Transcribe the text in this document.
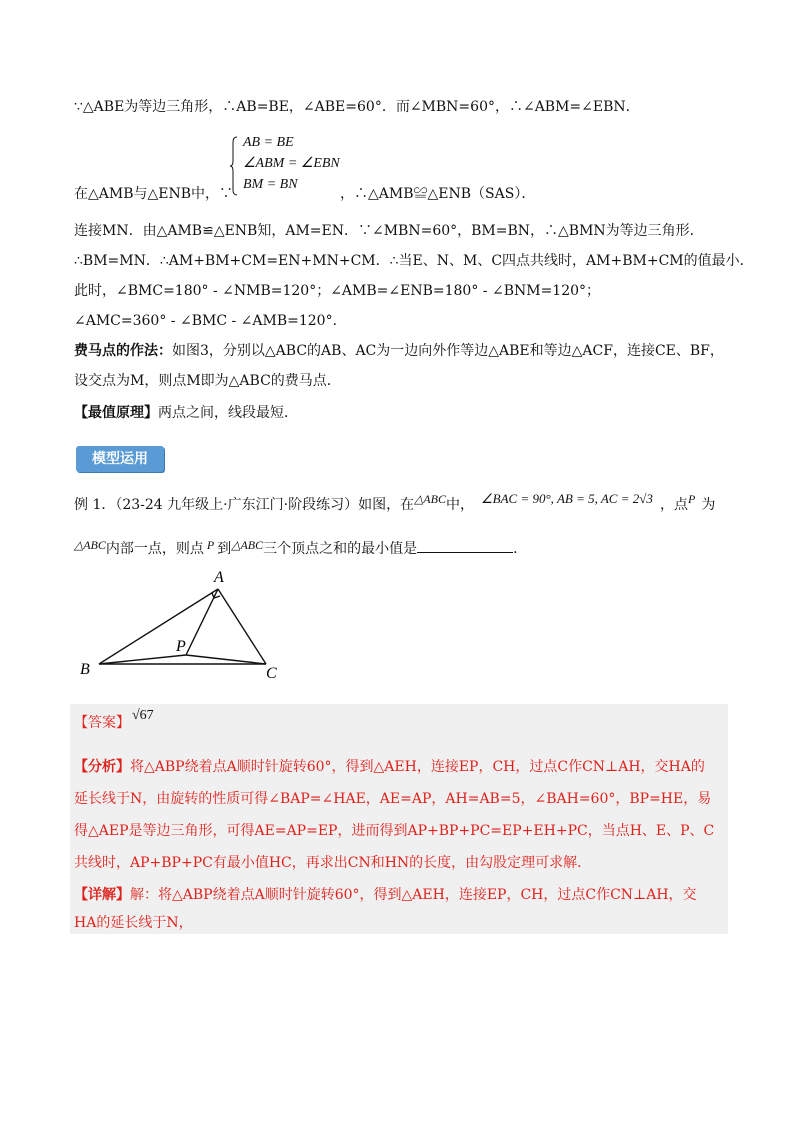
∵△ABE为等边三角形，∴AB=BE，∠ABE=60°．而∠MBN=60°，∴∠ABM=∠EBN．
AB = BE
∠ABM = ∠EBN
BM = BN
在△AMB与△ENB中，∵	，∴△AMB≌△ENB（SAS）．
连接MN．由△AMB≌△ENB知，AM=EN．∵∠MBN=60°，BM=BN，∴△BMN为等边三角形．
∴BM=MN．∴AM+BM+CM=EN+MN+CM．∴当E、N、M、C四点共线时，AM+BM+CM的值最小．
此时，∠BMC=180° - ∠NMB=120°；∠AMB=∠ENB=180° - ∠BNM=120°；
∠AMC=360° - ∠BMC - ∠AMB=120°．
费马点的作法：如图3，分别以△ABC的AB、AC为一边向外作等边△ABE和等边△ACF，连接CE、BF，
设交点为M，则点M即为△ABC的费马点．
【最值原理】两点之间，线段最短．
模型运用
例 1．（23-24 九年级上·广东江门·阶段练习）如图，在△ABC中， ∠BAC = 90°, AB = 5, AC = 2√3 ，点P 为
△ABC内部一点，则点 P 到△ABC三个顶点之和的最小值是	．
A
B	C
P
【答案】 √67
【分析】将△ABP绕着点A顺时针旋转60°，得到△AEH，连接EP，CH，过点C作CN⊥AH，交HA的
延长线于N，由旋转的性质可得∠BAP=∠HAE，AE=AP，AH=AB=5，∠BAH=60°，BP=HE，易
得△AEP是等边三角形，可得AE=AP=EP，进而得到AP+BP+PC=EP+EH+PC，当点H、E、P、C
共线时，AP+BP+PC有最小值HC，再求出CN和HN的长度，由勾股定理可求解．
【详解】解：将△ABP绕着点A顺时针旋转60°，得到△AEH，连接EP，CH，过点C作CN⊥AH，交
HA的延长线于N，
